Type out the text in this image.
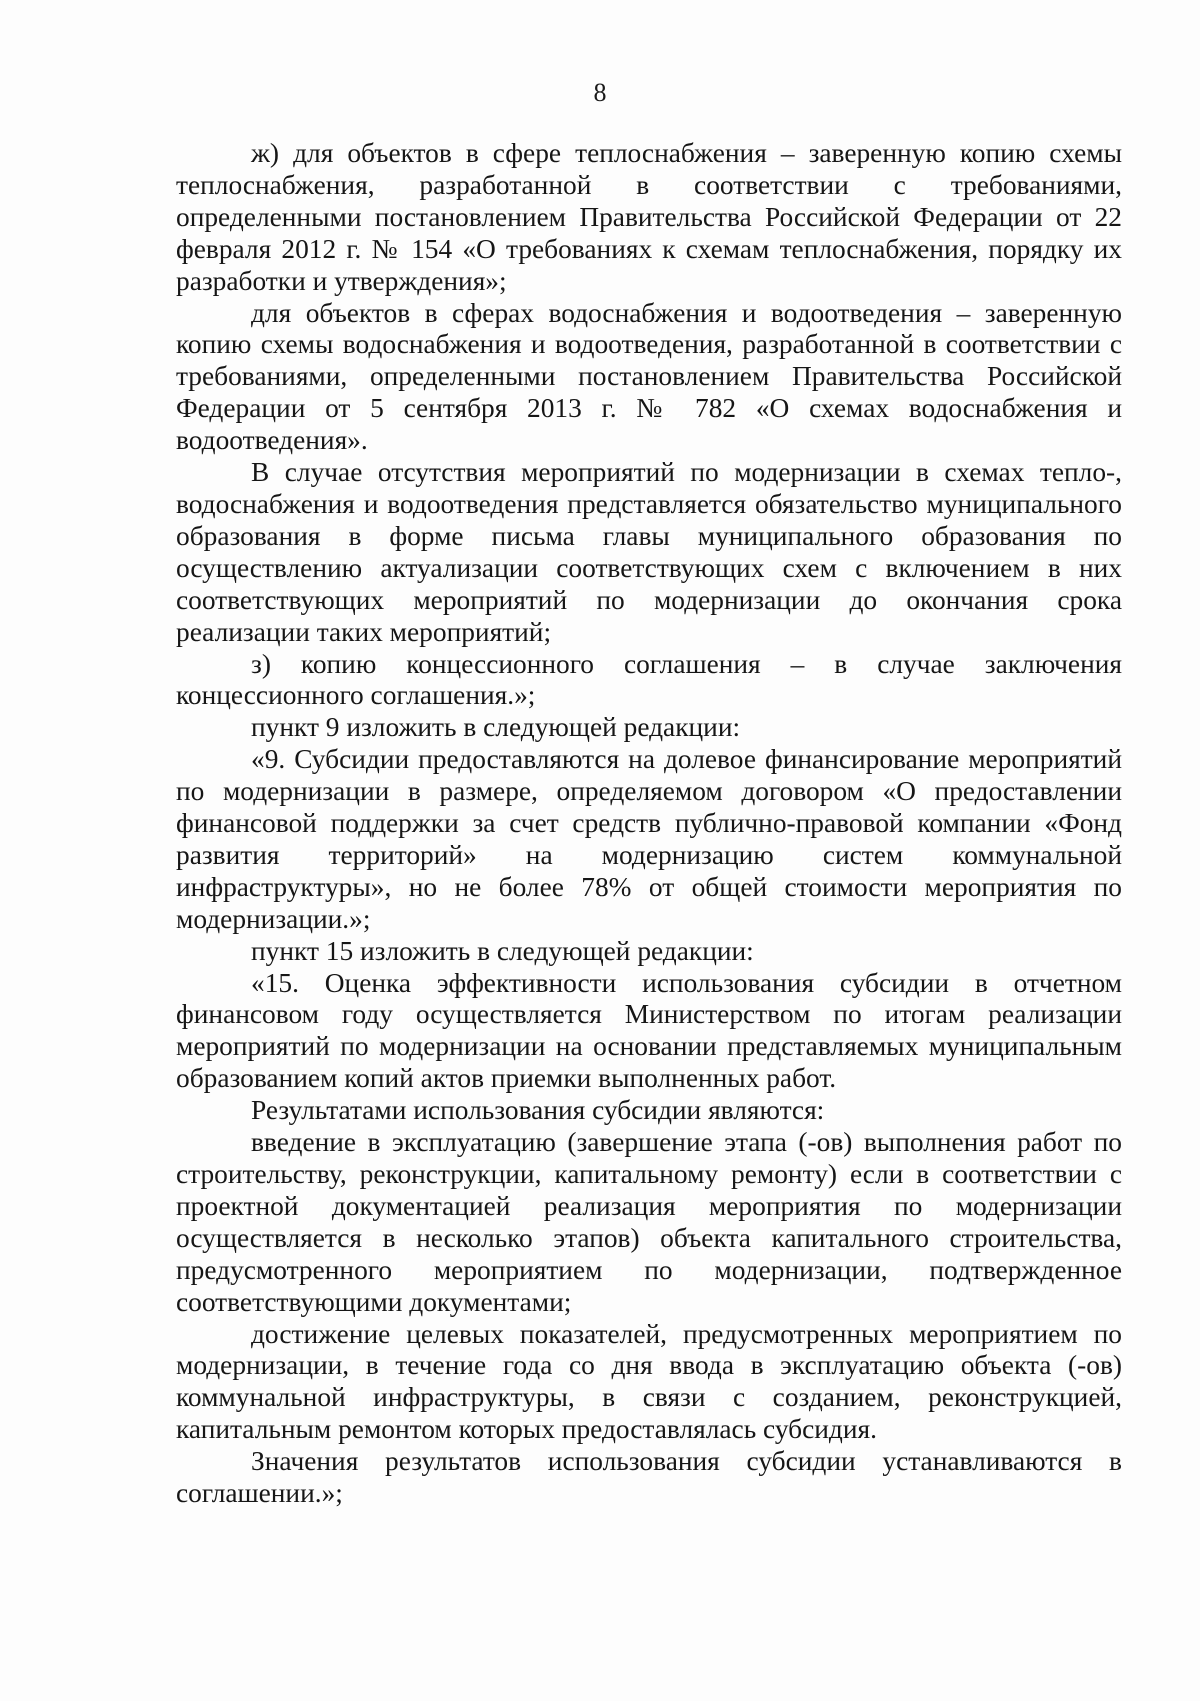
8

ж) для объектов в сфере теплоснабжения – заверенную копию схемы теплоснабжения, разработанной в соответствии с требованиями, определенными постановлением Правительства Российской Федерации от 22 февраля 2012 г. № 154 «О требованиях к схемам теплоснабжения, порядку их разработки и утверждения»;

для объектов в сферах водоснабжения и водоотведения – заверенную копию схемы водоснабжения и водоотведения, разработанной в соответствии с требованиями, определенными постановлением Правительства Российской Федерации от 5 сентября 2013 г. № 782 «О схемах водоснабжения и водоотведения».

В случае отсутствия мероприятий по модернизации в схемах тепло-, водоснабжения и водоотведения представляется обязательство муниципального образования в форме письма главы муниципального образования по осуществлению актуализации соответствующих схем с включением в них соответствующих мероприятий по модернизации до окончания срока реализации таких мероприятий;

з) копию концессионного соглашения – в случае заключения концессионного соглашения.»;

пункт 9 изложить в следующей редакции:

«9. Субсидии предоставляются на долевое финансирование мероприятий по модернизации в размере, определяемом договором «О предоставлении финансовой поддержки за счет средств публично-правовой компании «Фонд развития территорий» на модернизацию систем коммунальной инфраструктуры», но не более 78% от общей стоимости мероприятия по модернизации.»;

пункт 15 изложить в следующей редакции:

«15. Оценка эффективности использования субсидии в отчетном финансовом году осуществляется Министерством по итогам реализации мероприятий по модернизации на основании представляемых муниципальным образованием копий актов приемки выполненных работ.

Результатами использования субсидии являются:

введение в эксплуатацию (завершение этапа (-ов) выполнения работ по строительству, реконструкции, капитальному ремонту) если в соответствии с проектной документацией реализация мероприятия по модернизации осуществляется в несколько этапов) объекта капитального строительства, предусмотренного мероприятием по модернизации, подтвержденное соответствующими документами;

достижение целевых показателей, предусмотренных мероприятием по модернизации, в течение года со дня ввода в эксплуатацию объекта (-ов) коммунальной инфраструктуры, в связи с созданием, реконструкцией, капитальным ремонтом которых предоставлялась субсидия.

Значения результатов использования субсидии устанавливаются в соглашении.»;
